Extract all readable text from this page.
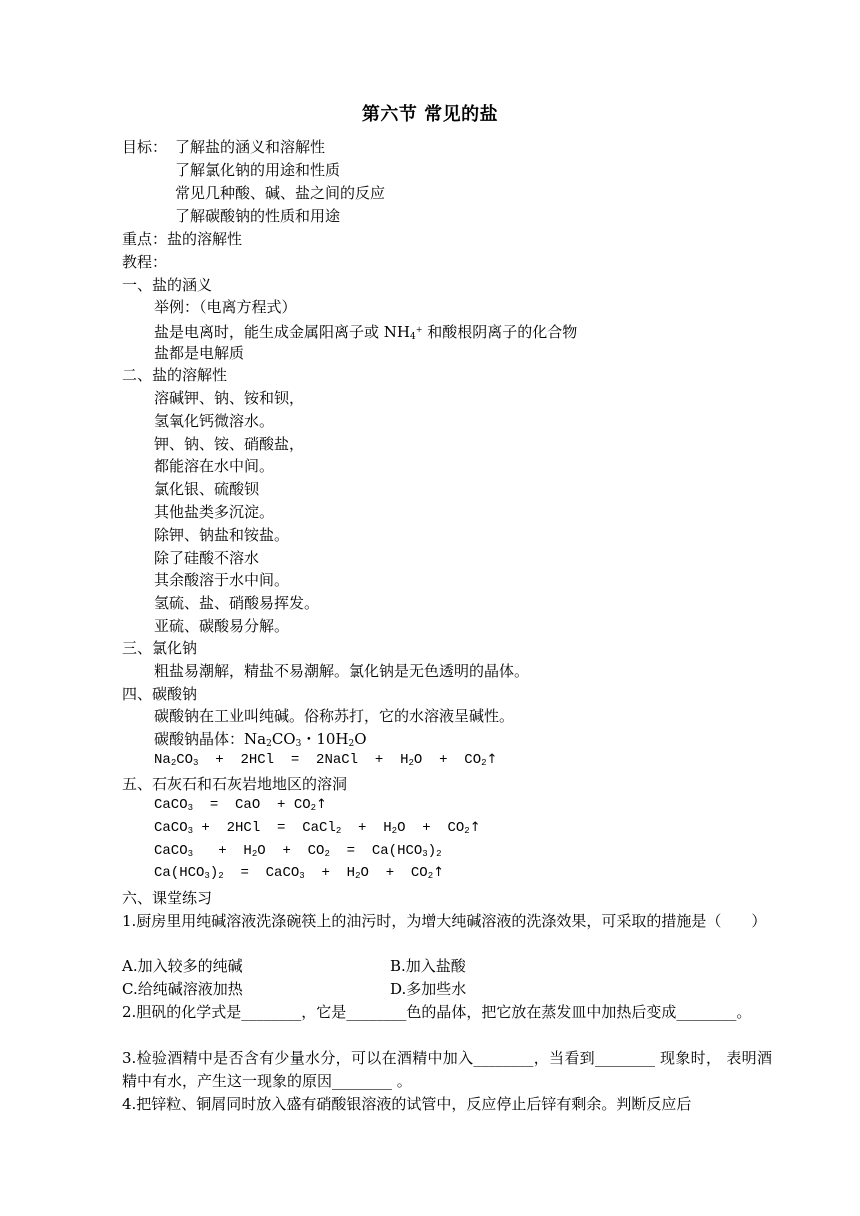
第六节 常见的盐
目标： 了解盐的涵义和溶解性
了解氯化钠的用途和性质
常见几种酸、碱、盐之间的反应
了解碳酸钠的性质和用途
重点：盐的溶解性
教程：
一、盐的涵义
举例：（电离方程式）
盐是电离时，能生成金属阳离子或 $NH_4^+$ 和酸根阴离子的化合物
盐都是电解质
二、盐的溶解性
溶碱钾、钠、铵和钡，
氢氧化钙微溶水。
钾、钠、铵、硝酸盐，
都能溶在水中间。
氯化银、硫酸钡
其他盐类多沉淀。
除钾、钠盐和铵盐。
除了硅酸不溶水
其余酸溶于水中间。
氢硫、盐、硝酸易挥发。
亚硫、碳酸易分解。
三、氯化钠
粗盐易潮解，精盐不易潮解。氯化钠是无色透明的晶体。
四、碳酸钠
碳酸钠在工业叫纯碱。俗称苏打，它的水溶液呈碱性。
碳酸钠晶体：$Na_2CO_3$・$10H_2O$
$Na_2CO_3 + 2HCl$  =  2NaCl  +  $H_2O$  +  $CO_2↑$
五、石灰石和石灰岩地地区的溶洞
CaCO$_3$  =  CaO  + $CO_2↑$
CaCO$_3$ +  2HCl  =  CaCl$_2$  +  $H_2O$  +  $CO_2↑$
CaCO$_3$   +  $H_2O + CO_2 = Ca(HCO_3)_2$
$Ca(HCO_3)_2$  =  CaCO$_3$  +  $H_2O$  +  $CO_2↑$
六、课堂练习
1.厨房里用纯碱溶液洗涤碗筷上的油污时，为增大纯碱溶液的洗涤效果，可采取的措施是（　　）
A.加入较多的纯碱	B.加入盐酸
C.给纯碱溶液加热	D.多加些水
2.胆矾的化学式是________，它是________色的晶体，把它放在蒸发皿中加热后变成________。
3.检验酒精中是否含有少量水分，可以在酒精中加入________，当看到________ 现象时， 表明酒精中有水，产生这一现象的原因________ 。
4.把锌粒、铜屑同时放入盛有硝酸银溶液的试管中，反应停止后锌有剩余。判断反应后
